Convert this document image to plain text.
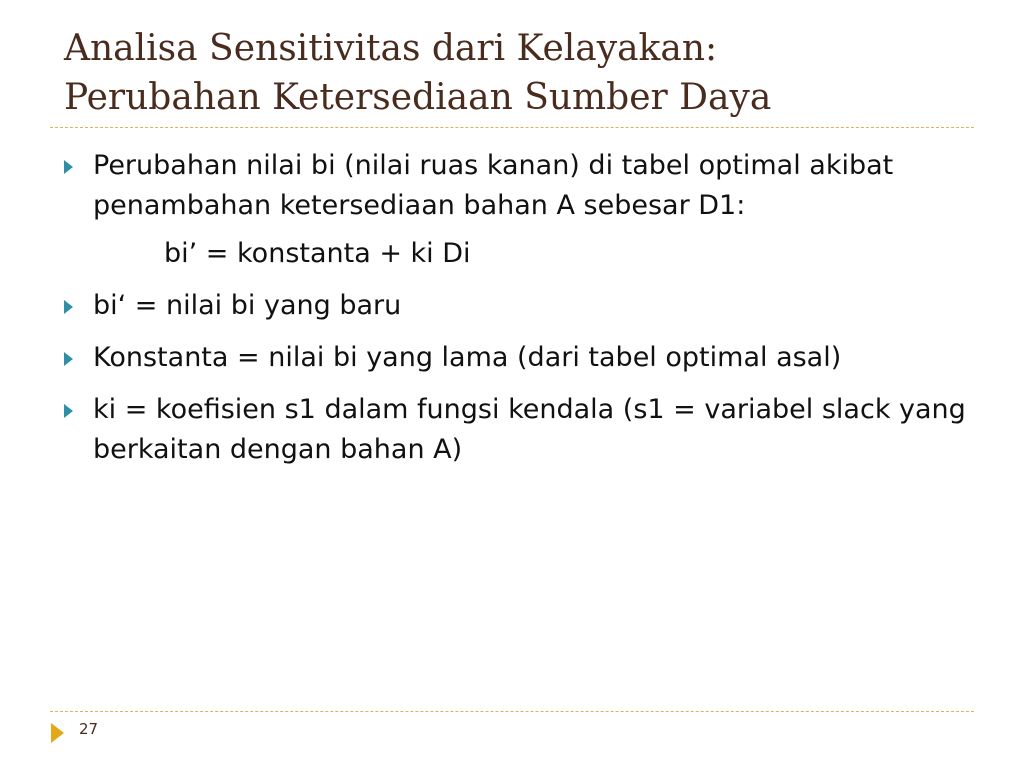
Analisa Sensitivitas dari Kelayakan:
Perubahan Ketersediaan Sumber Daya
Perubahan nilai bi (nilai ruas kanan) di tabel optimal akibat penambahan ketersediaan bahan A sebesar D1:
bi’ = konstanta + ki Di
bi‘ = nilai bi yang baru
Konstanta = nilai bi yang lama (dari tabel optimal asal)
ki = koefisien s1 dalam fungsi kendala (s1 = variabel slack yang berkaitan dengan bahan A)
27
